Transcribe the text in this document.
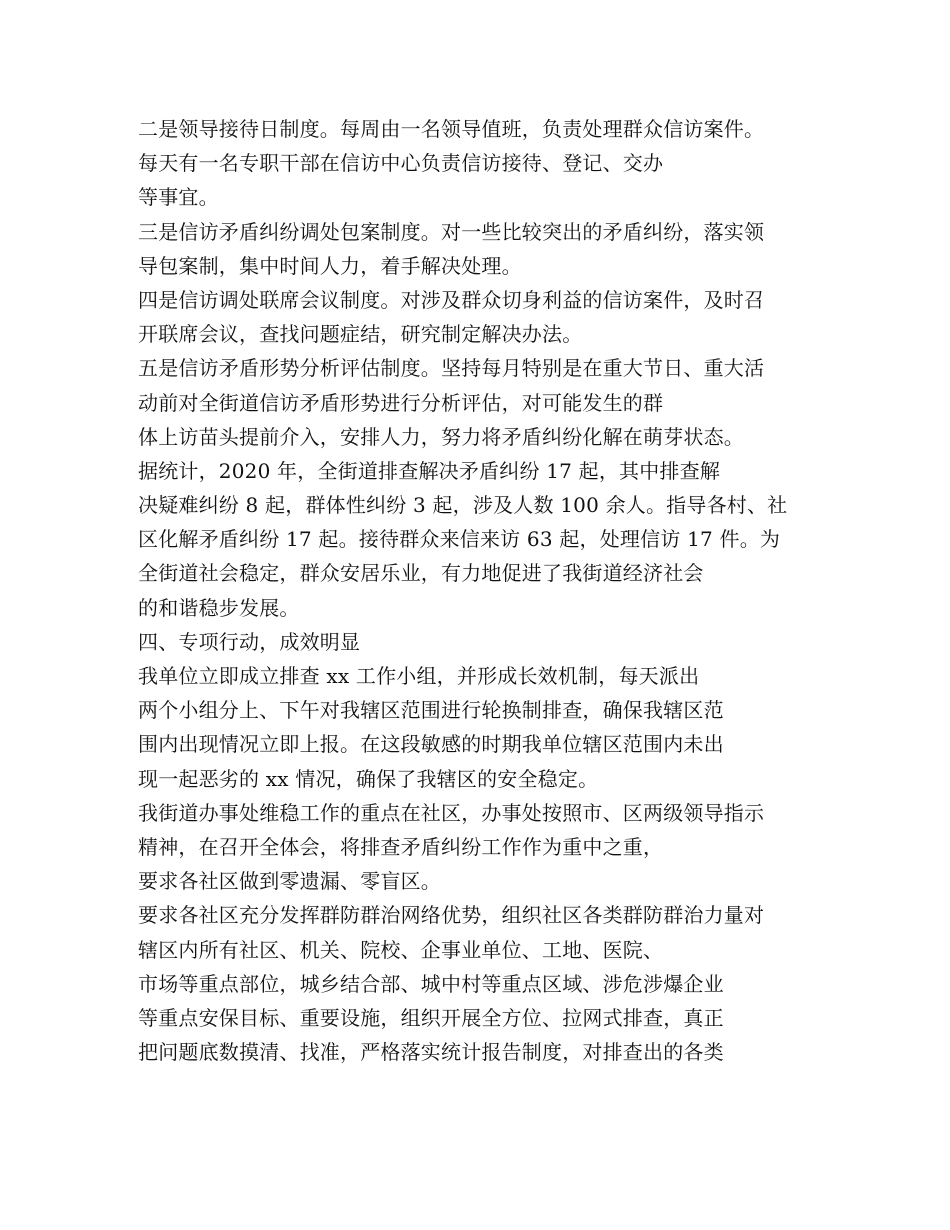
二是领导接待日制度。每周由一名领导值班，负责处理群众信访案件。
每天有一名专职干部在信访中心负责信访接待、登记、交办
等事宜。
三是信访矛盾纠纷调处包案制度。对一些比较突出的矛盾纠纷，落实领
导包案制，集中时间人力，着手解决处理。
四是信访调处联席会议制度。对涉及群众切身利益的信访案件，及时召
开联席会议，查找问题症结，研究制定解决办法。
五是信访矛盾形势分析评估制度。坚持每月特别是在重大节日、重大活
动前对全街道信访矛盾形势进行分析评估，对可能发生的群
体上访苗头提前介入，安排人力，努力将矛盾纠纷化解在萌芽状态。
据统计，2020 年，全街道排查解决矛盾纠纷 17 起，其中排查解
决疑难纠纷 8 起，群体性纠纷 3 起，涉及人数 100 余人。指导各村、社
区化解矛盾纠纷 17 起。接待群众来信来访 63 起，处理信访 17 件。为
全街道社会稳定，群众安居乐业，有力地促进了我街道经济社会
的和谐稳步发展。
四、专项行动，成效明显
我单位立即成立排查 xx 工作小组，并形成长效机制，每天派出
两个小组分上、下午对我辖区范围进行轮换制排查，确保我辖区范
围内出现情况立即上报。在这段敏感的时期我单位辖区范围内未出
现一起恶劣的 xx 情况，确保了我辖区的安全稳定。
我街道办事处维稳工作的重点在社区，办事处按照市、区两级领导指示
精神，在召开全体会，将排查矛盾纠纷工作作为重中之重，
要求各社区做到零遗漏、零盲区。
要求各社区充分发挥群防群治网络优势，组织社区各类群防群治力量对
辖区内所有社区、机关、院校、企事业单位、工地、医院、
市场等重点部位，城乡结合部、城中村等重点区域、涉危涉爆企业
等重点安保目标、重要设施，组织开展全方位、拉网式排查，真正
把问题底数摸清、找准，严格落实统计报告制度，对排查出的各类
